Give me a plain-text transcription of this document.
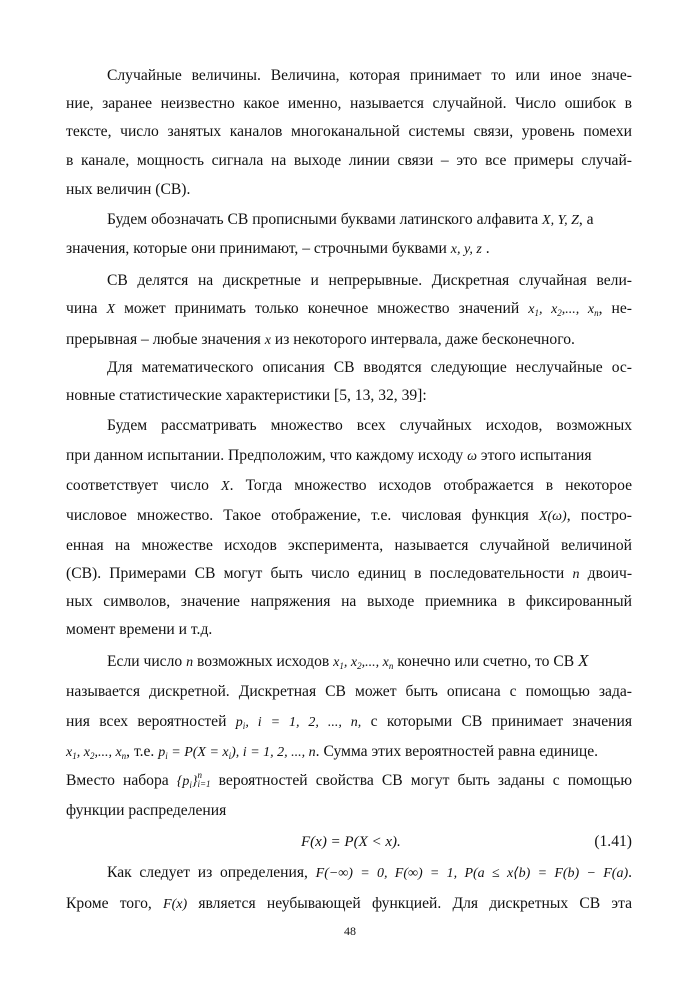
Случайные величины. Величина, которая принимает то или иное значе-
ние, заранее неизвестно какое именно, называется случайной. Число ошибок в
тексте, число занятых каналов многоканальной системы связи, уровень помехи
в канале, мощность сигнала на выходе линии связи – это все примеры случай-
ных величин (СВ).
Будем обозначать СВ прописными буквами латинского алфавита X, Y, Z, а
значения, которые они принимают, – строчными буквами x, y, z .
СВ делятся на дискретные и непрерывные. Дискретная случайная вели-
чина X может принимать только конечное множество значений $x_1$, $x_2$,..., $x_n$, не-
прерывная – любые значения x из некоторого интервала, даже бесконечного.
Для математического описания СВ вводятся следующие неслучайные ос-
новные статистические характеристики [5, 13, 32, 39]:
Будем рассматривать множество всех случайных исходов, возможных
при данном испытании. Предположим, что каждому исходу ω этого испытания
соответствует число X. Тогда множество исходов отображается в некоторое
числовое множество. Такое отображение, т.е. числовая функция X(ω), постро-
енная на множестве исходов эксперимента, называется случайной величиной
(СВ). Примерами СВ могут быть число единиц в последовательности n двоич-
ных символов, значение напряжения на выходе приемника в фиксированный
момент времени и т.д.
Если число n возможных исходов $x_1$, $x_2$,..., $x_n$ конечно или счетно, то СВ X
называется дискретной. Дискретная СВ может быть описана с помощью зада-
ния всех вероятностей $p_i$, i = 1, 2, ..., n, с которыми СВ принимает значения
$x_1$, $x_2$,..., $x_n$, т.е. $p_i = P(X = x_i)$, i = 1, 2, ..., n. Сумма этих вероятностей равна единице.
Вместо набора $\{p_i\}$ n
i=1 вероятностей свойства СВ могут быть заданы с помощью
функции распределения
F(x) = P(X < x).	(1.41)
Как следует из определения, F(−∞) = 0, F(∞) = 1, P(a ≤ x⟨b) = F(b) − F(a).
Кроме того, F(x) является неубывающей функцией. Для дискретных СВ эта
48
